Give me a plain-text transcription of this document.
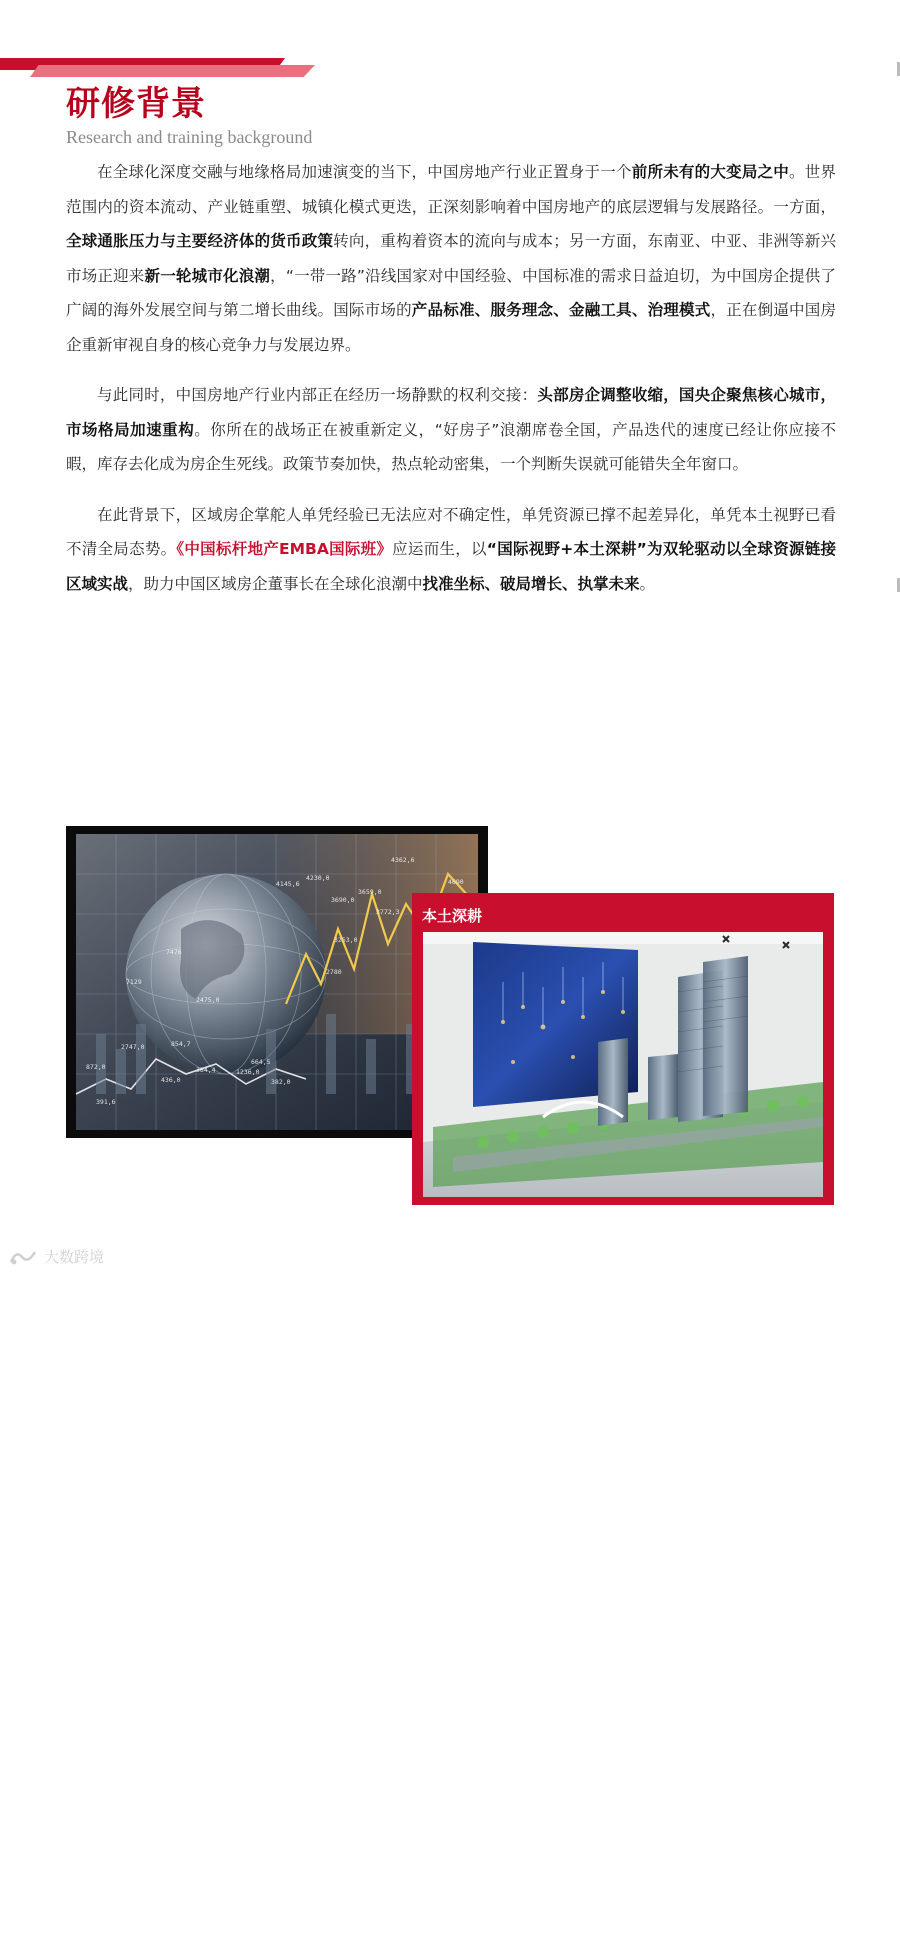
研修背景
Research and training background

在全球化深度交融与地缘格局加速演变的当下，中国房地产行业正置身于一个前所未有的大变局之中。世界范围内的资本流动、产业链重塑、城镇化模式更迭，正深刻影响着中国房地产的底层逻辑与发展路径。一方面，全球通胀压力与主要经济体的货币政策转向，重构着资本的流向与成本；另一方面，东南亚、中亚、非洲等新兴市场正迎来新一轮城市化浪潮，“一带一路”沿线国家对中国经验、中国标准的需求日益迫切，为中国房企提供了广阔的海外发展空间与第二增长曲线。国际市场的产品标准、服务理念、金融工具、治理模式，正在倒逼中国房企重新审视自身的核心竞争力与发展边界。

与此同时，中国房地产行业内部正在经历一场静默的权利交接：头部房企调整收缩，国央企聚焦核心城市，市场格局加速重构。你所在的战场正在被重新定义，“好房子”浪潮席卷全国，产品迭代的速度已经让你应接不暇，库存去化成为房企生死线。政策节奏加快，热点轮动密集，一个判断失误就可能错失全年窗口。

在此背景下，区域房企掌舵人单凭经验已无法应对不确定性，单凭资源已撑不起差异化，单凭本土视野已看不清全局态势。《中国标杆地产EMBA国际班》应运而生，以“国际视野+本土深耕”为双轮驱动以全球资源链接区域实战，助力中国区域房企董事长在全球化浪潮中找准坐标、破局增长、执掌未来。

4362,6
4230,0
4145,6
3690,0
3659,0
3772,3
3253,0
4690
2780
7129
7476
2475,0
872,0
2747,0	854,7
436,0
384,4	1236,0
664,5
382,0
391,6
国际视野
本土深耕
大数跨境
